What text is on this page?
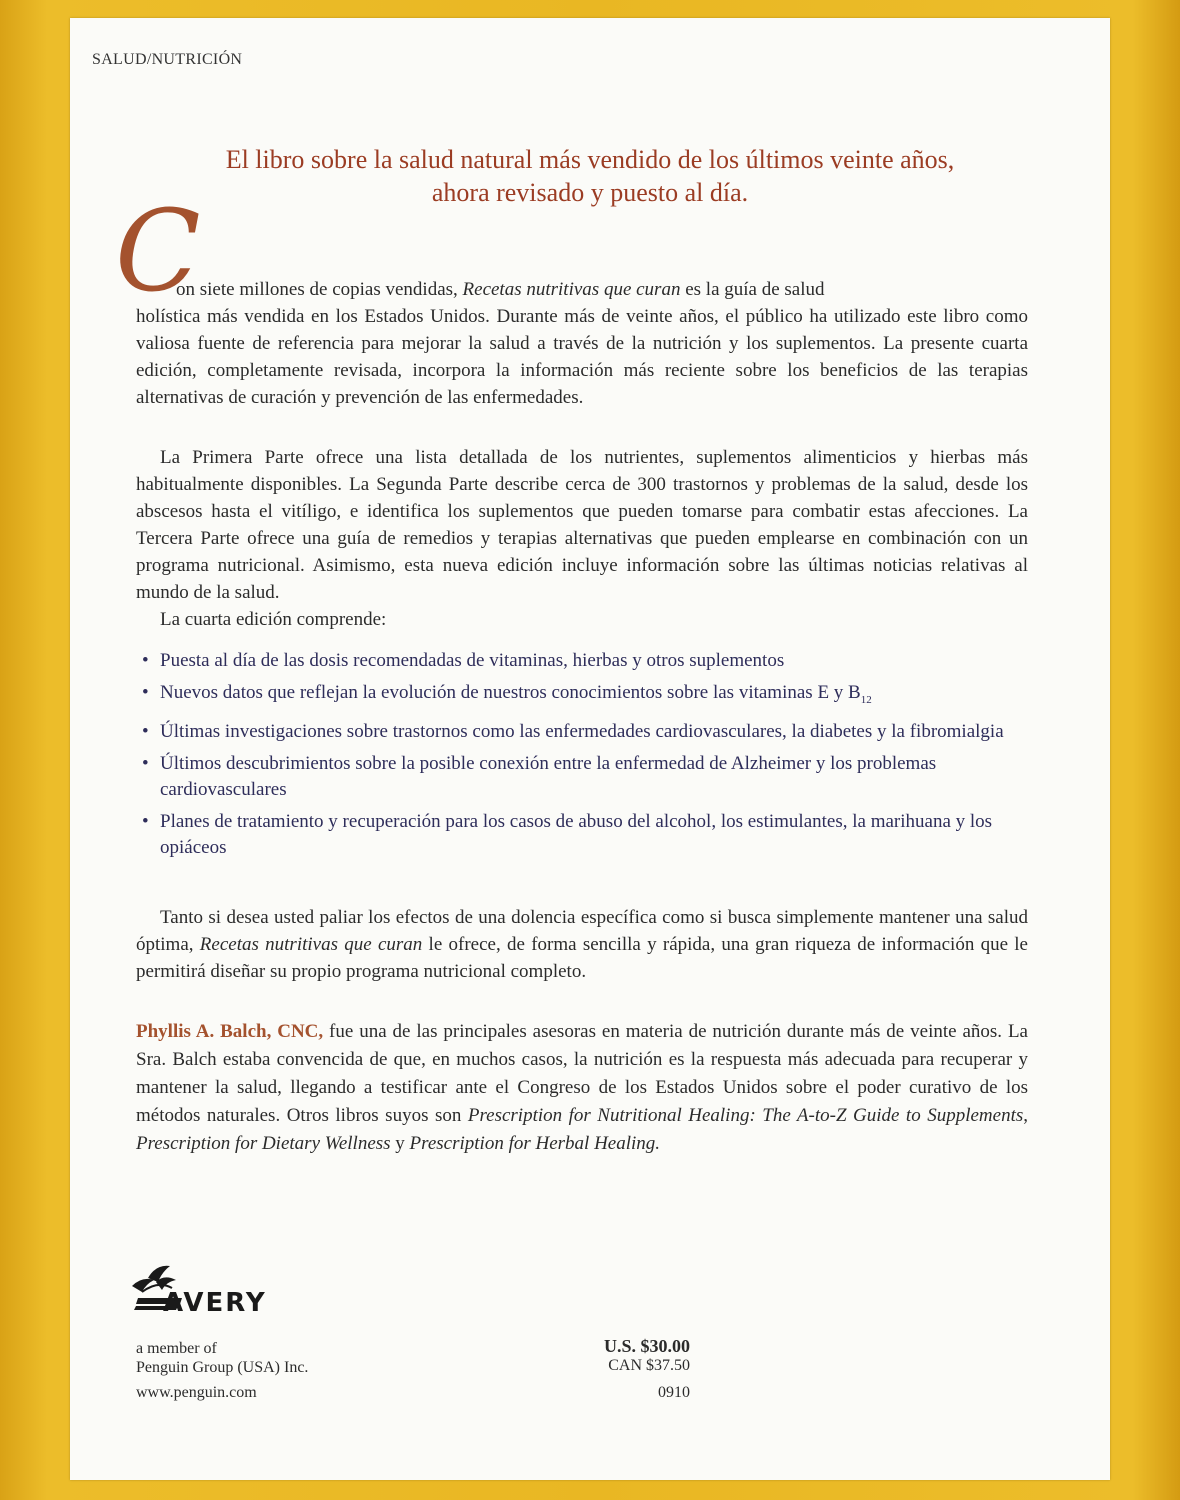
SALUD/NUTRICIÓN
El libro sobre la salud natural más vendido de los últimos veinte años,
ahora revisado y puesto al día.
C

on siete millones de copias vendidas, Recetas nutritivas que curan es la guía de salud
holística más vendida en los Estados Unidos. Durante más de veinte años, el público ha utilizado este libro como valiosa fuente de referencia para mejorar la salud a través de la nutrición y los suplementos. La presente cuarta edición, completamente revisada, incorpora la información más reciente sobre los beneficios de las terapias alternativas de curación y prevención de las enfermedades.

La Primera Parte ofrece una lista detallada de los nutrientes, suplementos alimenticios y hierbas más habitualmente disponibles. La Segunda Parte describe cerca de 300 trastornos y problemas de la salud, desde los abscesos hasta el vitíligo, e identifica los suplementos que pueden tomarse para combatir estas afecciones. La Tercera Parte ofrece una guía de remedios y terapias alternativas que pueden emplearse en combinación con un programa nutricional. Asimismo, esta nueva edición incluye información sobre las últimas noticias relativas al mundo de la salud.

La cuarta edición comprende:

• Puesta al día de las dosis recomendadas de vitaminas, hierbas y otros suplementos
• Nuevos datos que reflejan la evolución de nuestros conocimientos sobre las vitaminas E y $B_{12}$
• Últimas investigaciones sobre trastornos como las enfermedades cardiovasculares, la diabetes y la fibromialgia
• Últimos descubrimientos sobre la posible conexión entre la enfermedad de Alzheimer y los problemas cardiovasculares
• Planes de tratamiento y recuperación para los casos de abuso del alcohol, los estimulantes, la marihuana y los opiáceos

Tanto si desea usted paliar los efectos de una dolencia específica como si busca simplemente mantener una salud óptima, Recetas nutritivas que curan le ofrece, de forma sencilla y rápida, una gran riqueza de información que le permitirá diseñar su propio programa nutricional completo.

Phyllis A. Balch, CNC, fue una de las principales asesoras en materia de nutrición durante más de veinte años. La Sra. Balch estaba convencida de que, en muchos casos, la nutrición es la respuesta más adecuada para recuperar y mantener la salud, llegando a testificar ante el Congreso de los Estados Unidos sobre el poder curativo de los métodos naturales. Otros libros suyos son Prescription for Nutritional Healing: The A-to-Z Guide to Supplements, Prescription for Dietary Wellness y Prescription for Herbal Healing.
AVERY
a member of
Penguin Group (USA) Inc.
www.penguin.com
U.S. $30.00
CAN $37.50
0910
